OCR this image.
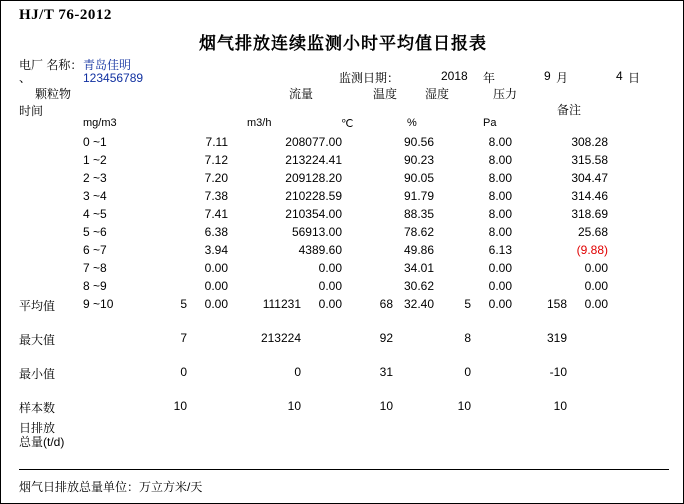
HJ/T 76-2012
烟气排放连续监测小时平均值日报表
电厂 名称： 青岛佳明
、	123456789	监测日期：	2018 年	9 月	4 日
颗粒物	流量	温度 湿度	压力
备注
时间
mg/m3	m3/h	℃	%	Pa
0 ~	1	7.11	208077.00	90.56	8.00	308.28	
1 ~	2	7.12	213224.41	90.23	8.00	315.58	
2 ~	3	7.20	209128.20	90.05	8.00	304.47	
3 ~	4	7.38	210228.59	91.79	8.00	314.46	
4 ~	5	7.41	210354.00	88.35	8.00	318.69	
5 ~	6	6.38	56913.00	78.62	8.00	25.68	
6 ~	7	3.94	4389.60	49.86	6.13	(9.88)	
7 ~	8	0.00	0.00	34.01	0.00	0.00	
8 ~	9	0.00	0.00	30.62	0.00	0.00	
9 ~	10	0.00	0.00	32.40	0.00	0.00	
平均值	5	111231	68	5	158
最大值	7	213224	92	8	319
最小值	0	0	31	0	-10
样本数	10	10	10	10	10
日排放
总量(t/d)
烟气日排放总量单位：万立方米/天
